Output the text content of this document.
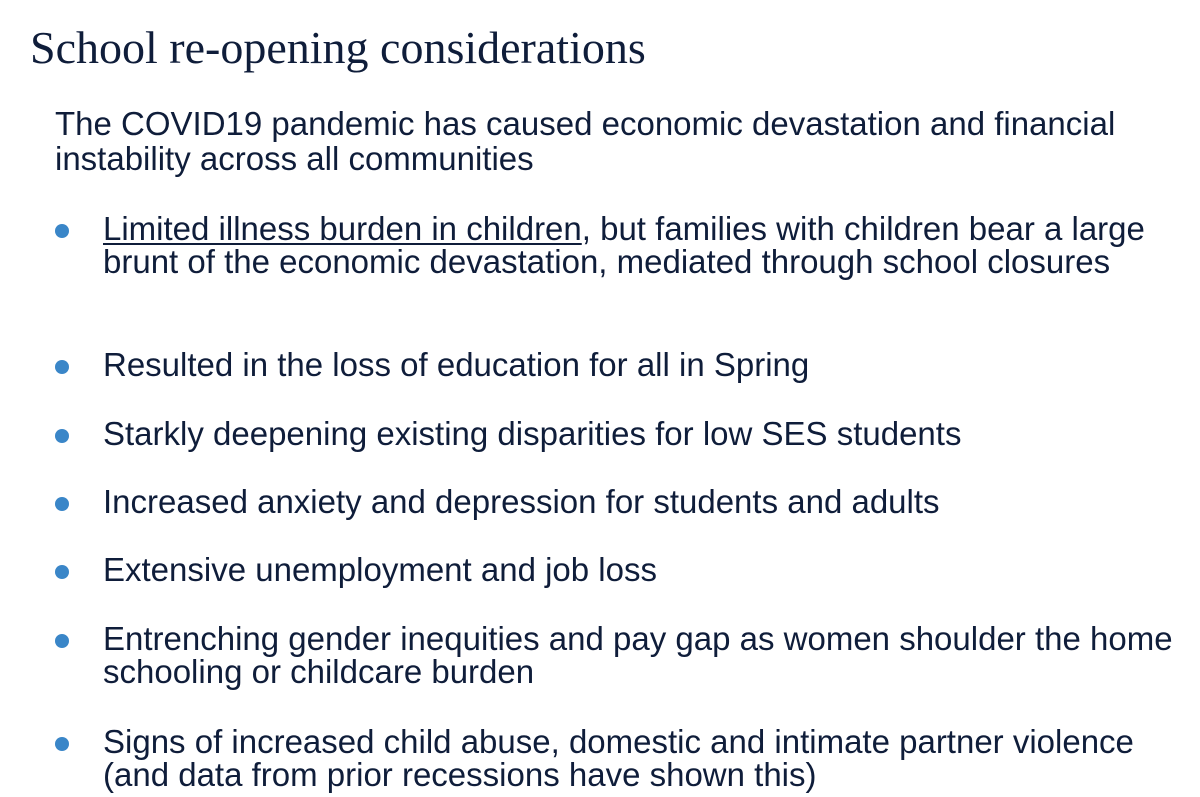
School re-opening considerations

The COVID19 pandemic has caused economic devastation and financial instability across all communities

Limited illness burden in children, but families with children bear a large brunt of the economic devastation, mediated through school closures
Resulted in the loss of education for all in Spring
Starkly deepening existing disparities for low SES students
Increased anxiety and depression for students and adults
Extensive unemployment and job loss
Entrenching gender inequities and pay gap as women shoulder the home schooling or childcare burden
Signs of increased child abuse, domestic and intimate partner violence (and data from prior recessions have shown this)
